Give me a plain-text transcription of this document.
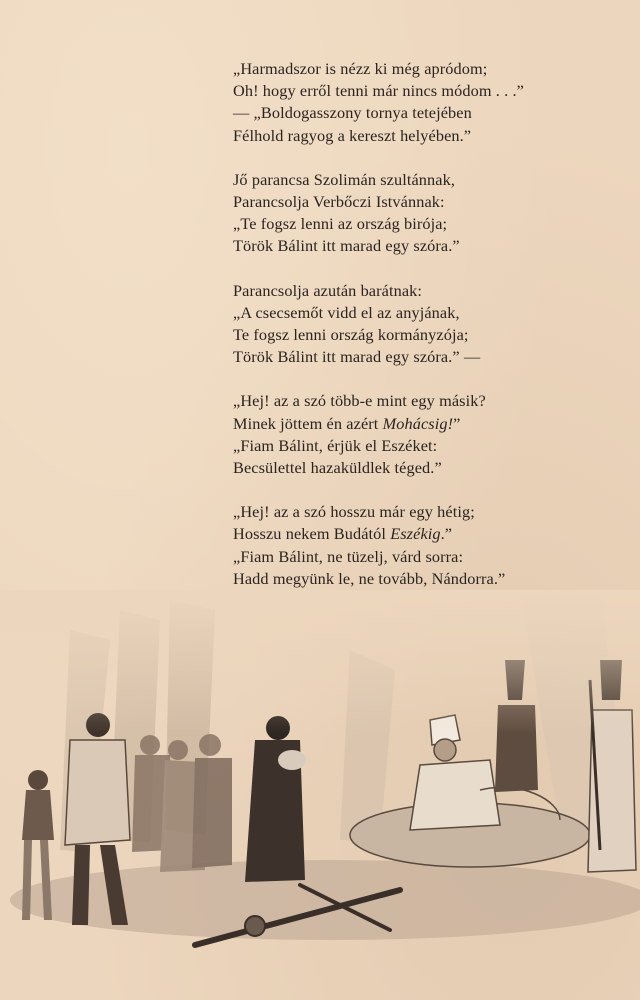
„Harmadszor is nézz ki még apródom;
Oh! hogy erről tenni már nincs módom . . .”
— „Boldogasszony tornya tetejében
Félhold ragyog a kereszt helyében.”
Jő parancsa Szolimán szultánnak,
Parancsolja Verbőczi Istvánnak:
„Te fogsz lenni az ország birója;
Török Bálint itt marad egy szóra.”
Parancsolja azután barátnak:
„A csecsemőt vidd el az anyjának,
Te fogsz lenni ország kormányzója;
Török Bálint itt marad egy szóra.” —
„Hej! az a szó több-e mint egy másik?
Minek jöttem én azért Mohácsig!”
„Fiam Bálint, érjük el Eszéket:
Becsülettel hazaküldlek téged.”
„Hej! az a szó hosszu már egy hétig;
Hosszu nekem Budától Eszékig.”
„Fiam Bálint, ne tüzelj, várd sorra:
Hadd megyünk le, ne tovább, Nándorra.”
